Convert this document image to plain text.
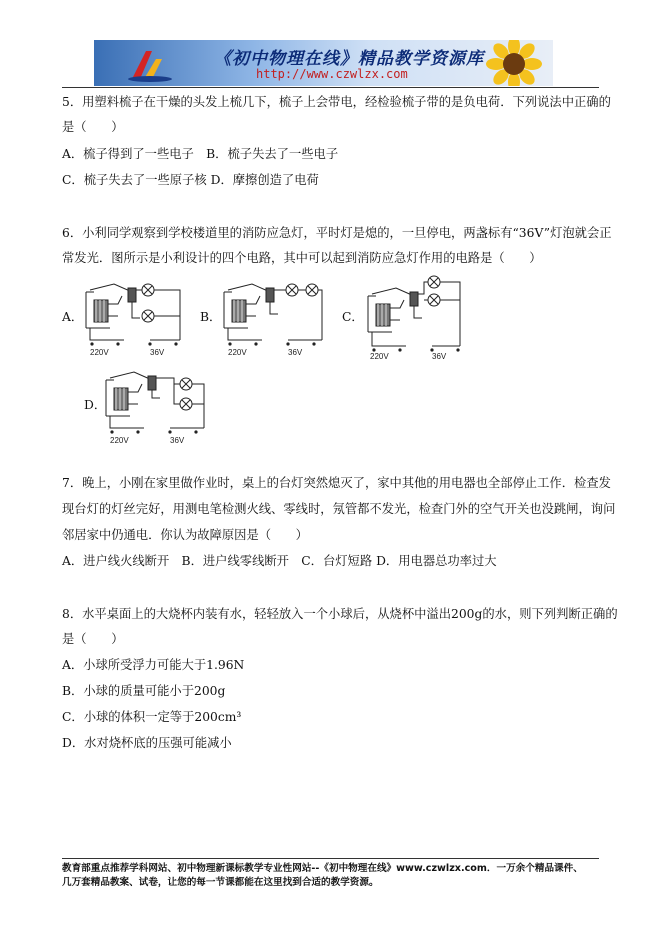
《初中物理在线》精品教学资源库
http://www.czwlzx.com
5．用塑料梳子在干燥的头发上梳几下，梳子上会带电，经检验梳子带的是负电荷．下列说法中正确的
是（　　）
A．梳子得到了一些电子　B．梳子失去了一些电子
C．梳子失去了一些原子核 D．摩擦创造了电荷
6．小利同学观察到学校楼道里的消防应急灯，平时灯是熄的，一旦停电，两盏标有“36V”灯泡就会正
常发光．图所示是小利设计的四个电路，其中可以起到消防应急灯作用的电路是（　　）
A．
220V	36V
B．
220V	36V
C．
220V	36V
D．
220V	36V
7．晚上，小刚在家里做作业时，桌上的台灯突然熄灭了，家中其他的用电器也全部停止工作．检查发
现台灯的灯丝完好，用测电笔检测火线、零线时，氖管都不发光，检查门外的空气开关也没跳闸，询问
邻居家中仍通电．你认为故障原因是（　　）
A．进户线火线断开　B．进户线零线断开　C．台灯短路 D．用电器总功率过大
8．水平桌面上的大烧杯内装有水，轻轻放入一个小球后，从烧杯中溢出200g的水，则下列判断正确的
是（　　）
A．小球所受浮力可能大于1.96N
B．小球的质量可能小于200g
C．小球的体积一定等于200cm³
D．水对烧杯底的压强可能减小
教育部重点推荐学科网站、初中物理新课标教学专业性网站--《初中物理在线》www.czwlzx.com．一万余个精品课件、
几万套精品教案、试卷，让您的每一节课都能在这里找到合适的教学资源。
